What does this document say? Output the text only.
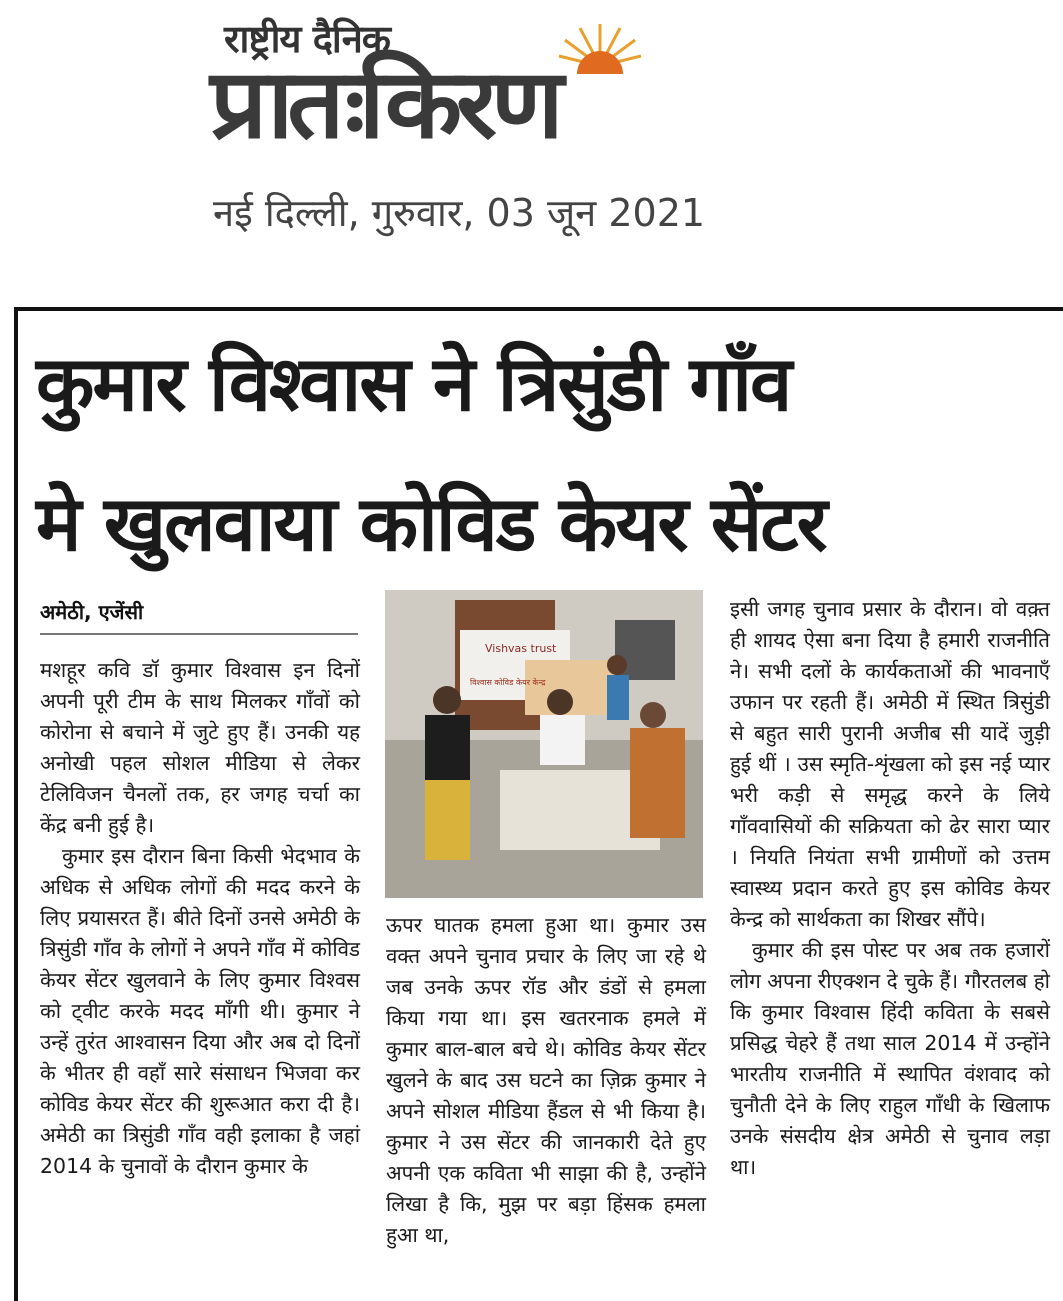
राष्ट्रीय दैनिक
प्रातःकिरण
नई दिल्ली, गुरुवार, 03 जून 2021
कुमार विश्वास ने त्रिसुंडी गाँव
मे खुलवाया कोविड केयर सेंटर
अमेठी, एजेंसी

मशहूर कवि डॉ कुमार विश्वास इन दिनों अपनी पूरी टीम के साथ मिलकर गाँवों को कोरोना से बचाने में जुटे हुए हैं। उनकी यह अनोखी पहल सोशल मीडिया से लेकर टेलिविजन चैनलों तक, हर जगह चर्चा का केंद्र बनी हुई है।

कुमार इस दौरान बिना किसी भेदभाव के अधिक से अधिक लोगों की मदद करने के लिए प्रयासरत हैं। बीते दिनों उनसे अमेठी के त्रिसुंडी गाँव के लोगों ने अपने गाँव में कोविड केयर सेंटर खुलवाने के लिए कुमार विश्वस को ट्वीट करके मदद माँगी थी। कुमार ने उन्हें तुरंत आश्वासन दिया और अब दो दिनों के भीतर ही वहाँ सारे संसाधन भिजवा कर कोविड केयर सेंटर की शुरूआत करा दी है। अमेठी का त्रिसुंडी गाँव वही इलाका है जहां 2014 के चुनावों के दौरान कुमार के

Vishvas trust
विश्वास कोविड केयर केन्द्र

ऊपर घातक हमला हुआ था। कुमार उस वक्त अपने चुनाव प्रचार के लिए जा रहे थे जब उनके ऊपर रॉड और डंडों से हमला किया गया था। इस खतरनाक हमले में कुमार बाल-बाल बचे थे। कोविड केयर सेंटर खुलने के बाद उस घटने का ज़िक्र कुमार ने अपने सोशल मीडिया हैंडल से भी किया है। कुमार ने उस सेंटर की जानकारी देते हुए अपनी एक कविता भी साझा की है, उन्होंने लिखा है कि, मुझ पर बड़ा हिंसक हमला हुआ था,

इसी जगह चुनाव प्रसार के दौरान। वो वक़्त ही शायद ऐसा बना दिया है हमारी राजनीति ने। सभी दलों के कार्यकताओं की भावनाएँ उफान पर रहती हैं। अमेठी में स्थित त्रिसुंडी से बहुत सारी पुरानी अजीब सी यादें जुड़ी हुई थीं । उस स्मृति-शृंखला को इस नई प्यार भरी कड़ी से समृद्ध करने के लिये गाँववासियों की सक्रियता को ढेर सारा प्यार । नियति नियंता सभी ग्रामीणों को उत्तम स्वास्थ्य प्रदान करते हुए इस कोविड केयर केन्द्र को सार्थकता का शिखर सौंपे।

कुमार की इस पोस्ट पर अब तक हजारों लोग अपना रीएक्शन दे चुके हैं। गौरतलब हो कि कुमार विश्वास हिंदी कविता के सबसे प्रसिद्ध चेहरे हैं तथा साल 2014 में उन्होंने भारतीय राजनीति में स्थापित वंशवाद को चुनौती देने के लिए राहुल गाँधी के खिलाफ उनके संसदीय क्षेत्र अमेठी से चुनाव लड़ा था।
